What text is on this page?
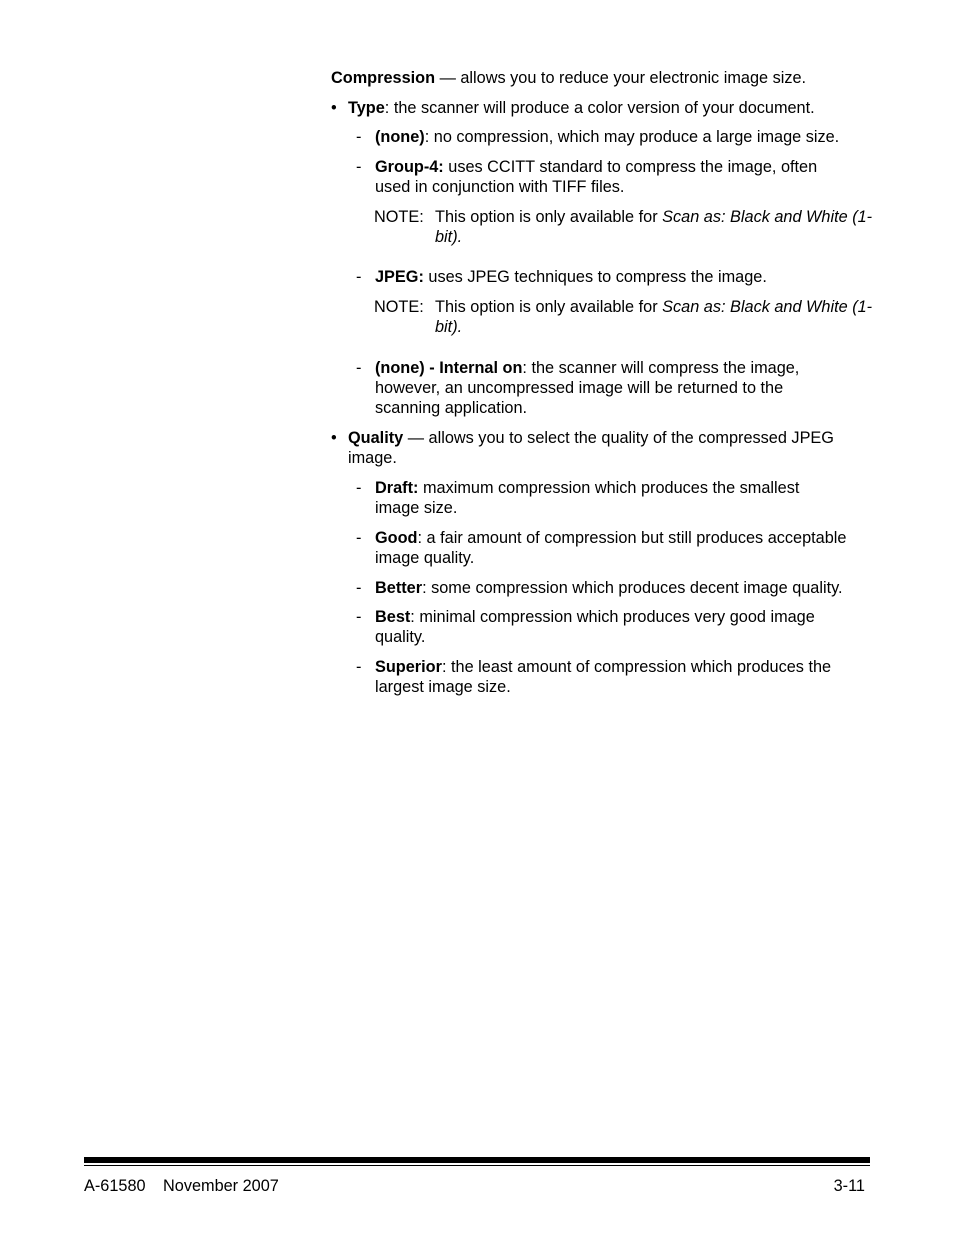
Compression — allows you to reduce your electronic image size.

• Type: the scanner will produce a color version of your document.

- (none): no compression, which may produce a large image size.

- Group-4: uses CCITT standard to compress the image, often used in conjunction with TIFF files.

NOTE: This option is only available for Scan as: Black and White (1-bit).

- JPEG: uses JPEG techniques to compress the image.

NOTE: This option is only available for Scan as: Black and White (1-bit).

- (none) - Internal on: the scanner will compress the image, however, an uncompressed image will be returned to the scanning application.

• Quality — allows you to select the quality of the compressed JPEG image.

- Draft: maximum compression which produces the smallest image size.

- Good: a fair amount of compression but still produces acceptable image quality.

- Better: some compression which produces decent image quality.

- Best: minimal compression which produces very good image quality.

- Superior: the least amount of compression which produces the largest image size.

A-61580 November 2007	3-11
